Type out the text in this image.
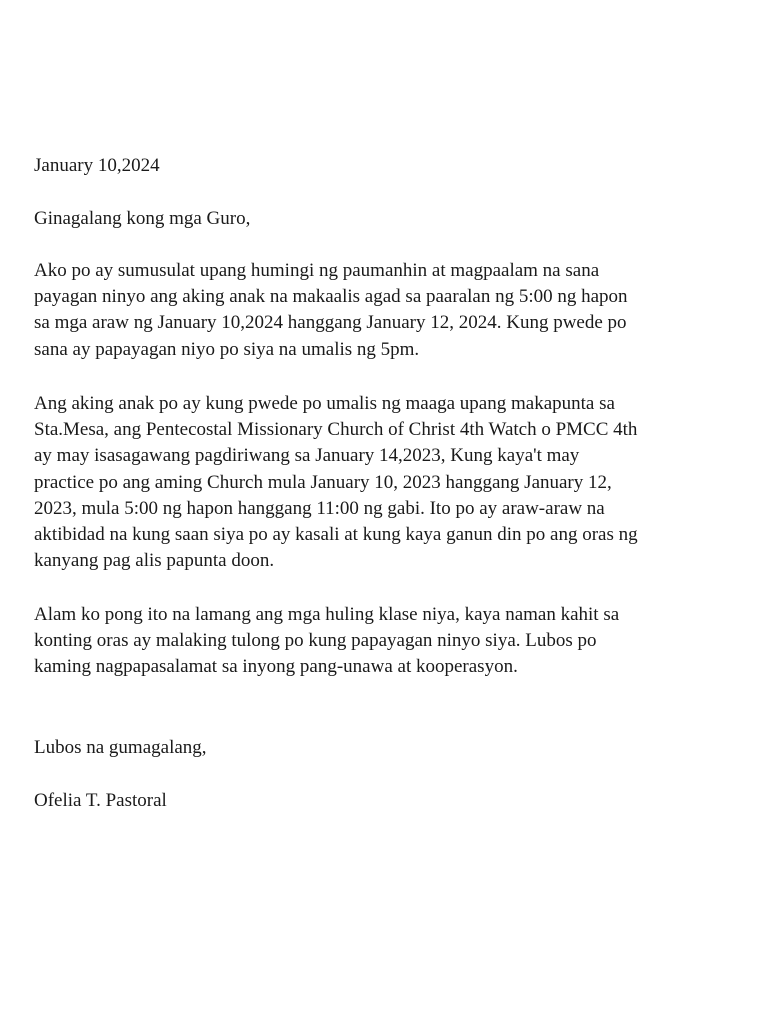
January 10,2024
Ginagalang kong mga Guro,
Ako po ay sumusulat upang humingi ng paumanhin at magpaalam na sana
payagan ninyo ang aking anak na makaalis agad sa paaralan ng 5:00 ng hapon
sa mga araw ng January 10,2024 hanggang January 12, 2024. Kung pwede po
sana ay papayagan niyo po siya na umalis ng 5pm.
Ang aking anak po ay kung pwede po umalis ng maaga upang makapunta sa
Sta.Mesa, ang Pentecostal Missionary Church of Christ 4th Watch o PMCC 4th
ay may isasagawang pagdiriwang sa January 14,2023, Kung kaya't may
practice po ang aming Church mula January 10, 2023 hanggang January 12,
2023, mula 5:00 ng hapon hanggang 11:00 ng gabi. Ito po ay araw-araw na
aktibidad na kung saan siya po ay kasali at kung kaya ganun din po ang oras ng
kanyang pag alis papunta doon.
Alam ko pong ito na lamang ang mga huling klase niya, kaya naman kahit sa
konting oras ay malaking tulong po kung papayagan ninyo siya. Lubos po
kaming nagpapasalamat sa inyong pang-unawa at kooperasyon.
Lubos na gumagalang,
Ofelia T. Pastoral
